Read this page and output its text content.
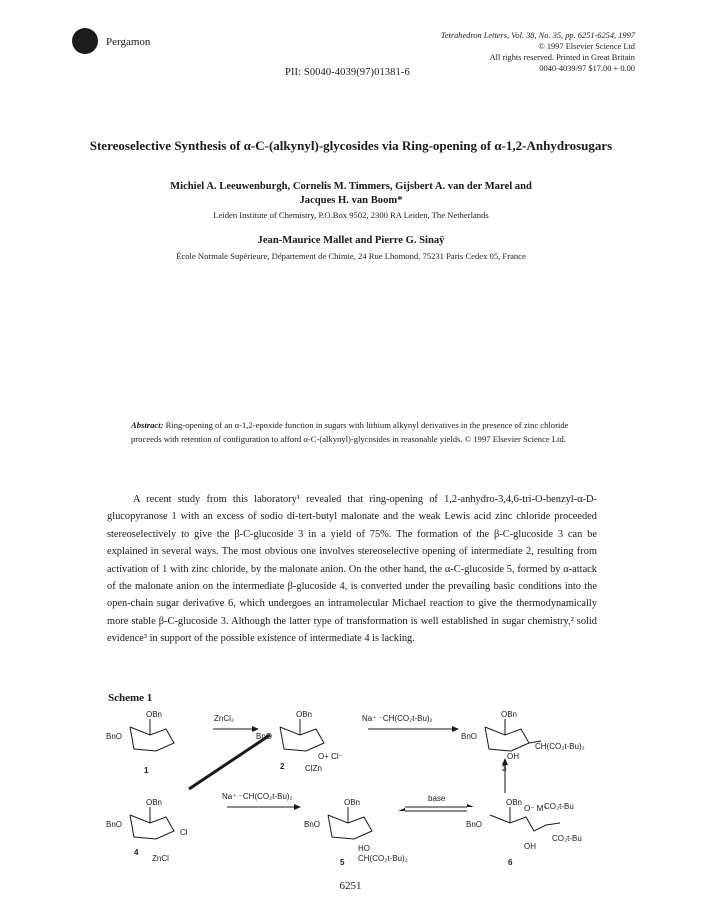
Pergamon
Tetrahedron Letters, Vol. 38, No. 35, pp. 6251-6254, 1997
© 1997 Elsevier Science Ltd
All rights reserved. Printed in Great Britain
0040-4039/97 $17.00 + 0.00
PII: S0040-4039(97)01381-6
Stereoselective Synthesis of α-C-(alkynyl)-glycosides via Ring-opening of α-1,2-Anhydrosugars
Michiel A. Leeuwenburgh, Cornelis M. Timmers, Gijsbert A. van der Marel and
Jacques H. van Boom*
Leiden Institute of Chemistry, P.O.Box 9502, 2300 RA Leiden, The Netherlands
Jean-Maurice Mallet and Pierre G. Sinaÿ
École Normale Supérieure, Département de Chimie, 24 Rue Lhomond, 75231 Paris Cedex 05, France
Abstract: Ring-opening of an α-1,2-epoxide function in sugars with lithium alkynyl derivatives in the presence of zinc chloride proceeds with retention of configuration to afford α-C-(alkynyl)-glycosides in reasonable yields. © 1997 Elsevier Science Ltd.

A recent study from this laboratory¹ revealed that ring-opening of 1,2-anhydro-3,4,6-tri-O-benzyl-α-D-glucopyranose 1 with an excess of sodio di-tert-butyl malonate and the weak Lewis acid zinc chloride proceeded stereoselectively to give the β-C-glucoside 3 in a yield of 75%. The formation of the β-C-glucoside 3 can be explained in several ways. The most obvious one involves stereoselective opening of intermediate 2, resulting from activation of 1 with zinc chloride, by the malonate anion. On the other hand, the α-C-glucoside 5, formed by α-attack of the malonate anion on the intermediate β-glucoside 4, is converted under the prevailing basic conditions into the open-chain sugar derivative 6, which undergoes an intramolecular Michael reaction to give the thermodynamically more stable β-C-glucoside 3. Although the latter type of transformation is well established in sugar chemistry,² solid evidence³ in support of the possible existence of intermediate 4 is lacking.

Scheme 1
OBn
BnO
1
OBn
BnO
O+ Cl⁻
ClZn
2
ZnCl₂	OBn
BnO
CH(CO₂t-Bu)₂
OH
3
Na⁺ ⁻CH(CO₂t-Bu)₂
OBn
BnO
Cl
ZnCl
4
Na⁺ ⁻CH(CO₂t-Bu)₂
OBn
BnO
HO
CH(CO₂t-Bu)₂
5
base	OBn
BnO
O⁻ M⁺
CO₂t-Bu
CO₂t-Bu
OH
6
6251
